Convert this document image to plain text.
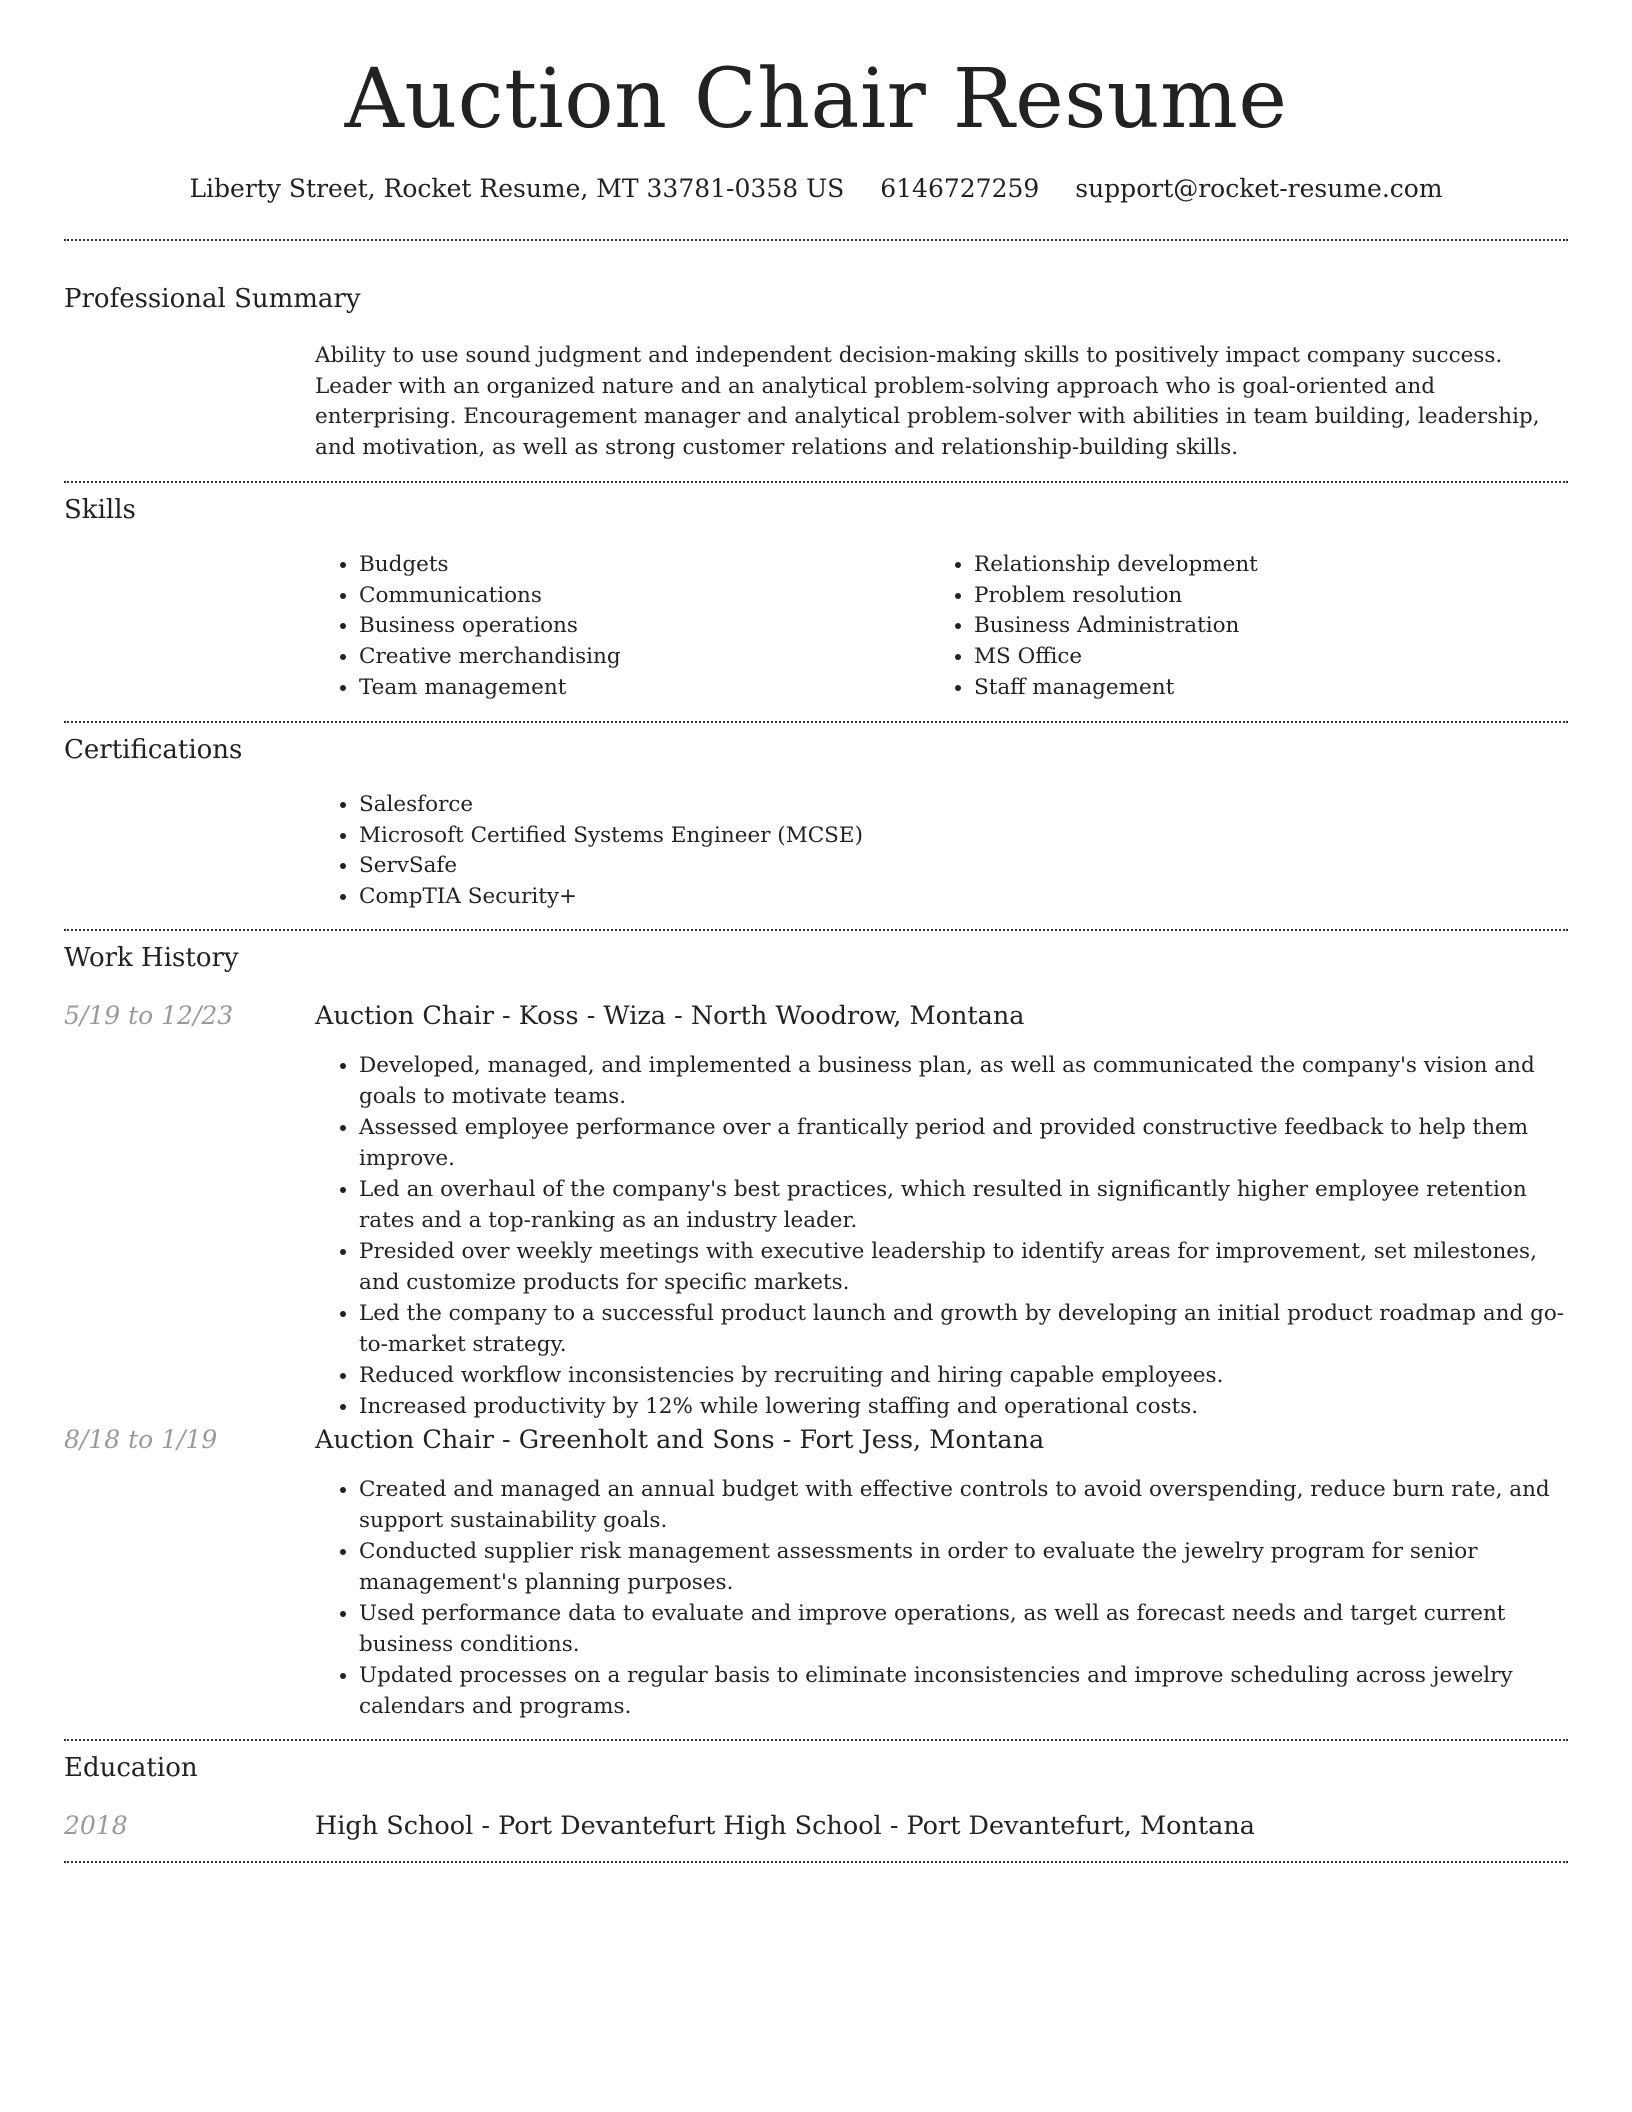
Auction Chair Resume
Liberty Street, Rocket Resume, MT 33781-0358 US 6146727259 support@rocket-resume.com
Professional Summary

Ability to use sound judgment and independent decision-making skills to positively impact company success. Leader with an organized nature and an analytical problem-solving approach who is goal-oriented and enterprising. Encouragement manager and analytical problem-solver with abilities in team building, leadership, and motivation, as well as strong customer relations and relationship-building skills.

Skills
• Budgets
• Communications
• Business operations
• Creative merchandising
• Team management
• Relationship development
• Problem resolution
• Business Administration
• MS Office
• Staff management
Certifications
• Salesforce
• Microsoft Certified Systems Engineer (MCSE)
• ServSafe
• CompTIA Security+
Work History
5/19 to 12/23	Auction Chair - Koss - Wiza - North Woodrow, Montana
• Developed, managed, and implemented a business plan, as well as communicated the company's vision and goals to motivate teams.
• Assessed employee performance over a frantically period and provided constructive feedback to help them improve.
• Led an overhaul of the company's best practices, which resulted in significantly higher employee retention rates and a top-ranking as an industry leader.
• Presided over weekly meetings with executive leadership to identify areas for improvement, set milestones, and customize products for specific markets.
• Led the company to a successful product launch and growth by developing an initial product roadmap and go-to-market strategy.
• Reduced workflow inconsistencies by recruiting and hiring capable employees.
• Increased productivity by 12% while lowering staffing and operational costs.
8/18 to 1/19	Auction Chair - Greenholt and Sons - Fort Jess, Montana
• Created and managed an annual budget with effective controls to avoid overspending, reduce burn rate, and support sustainability goals.
• Conducted supplier risk management assessments in order to evaluate the jewelry program for senior management's planning purposes.
• Used performance data to evaluate and improve operations, as well as forecast needs and target current business conditions.
• Updated processes on a regular basis to eliminate inconsistencies and improve scheduling across jewelry calendars and programs.
Education
2018	High School - Port Devantefurt High School - Port Devantefurt, Montana
